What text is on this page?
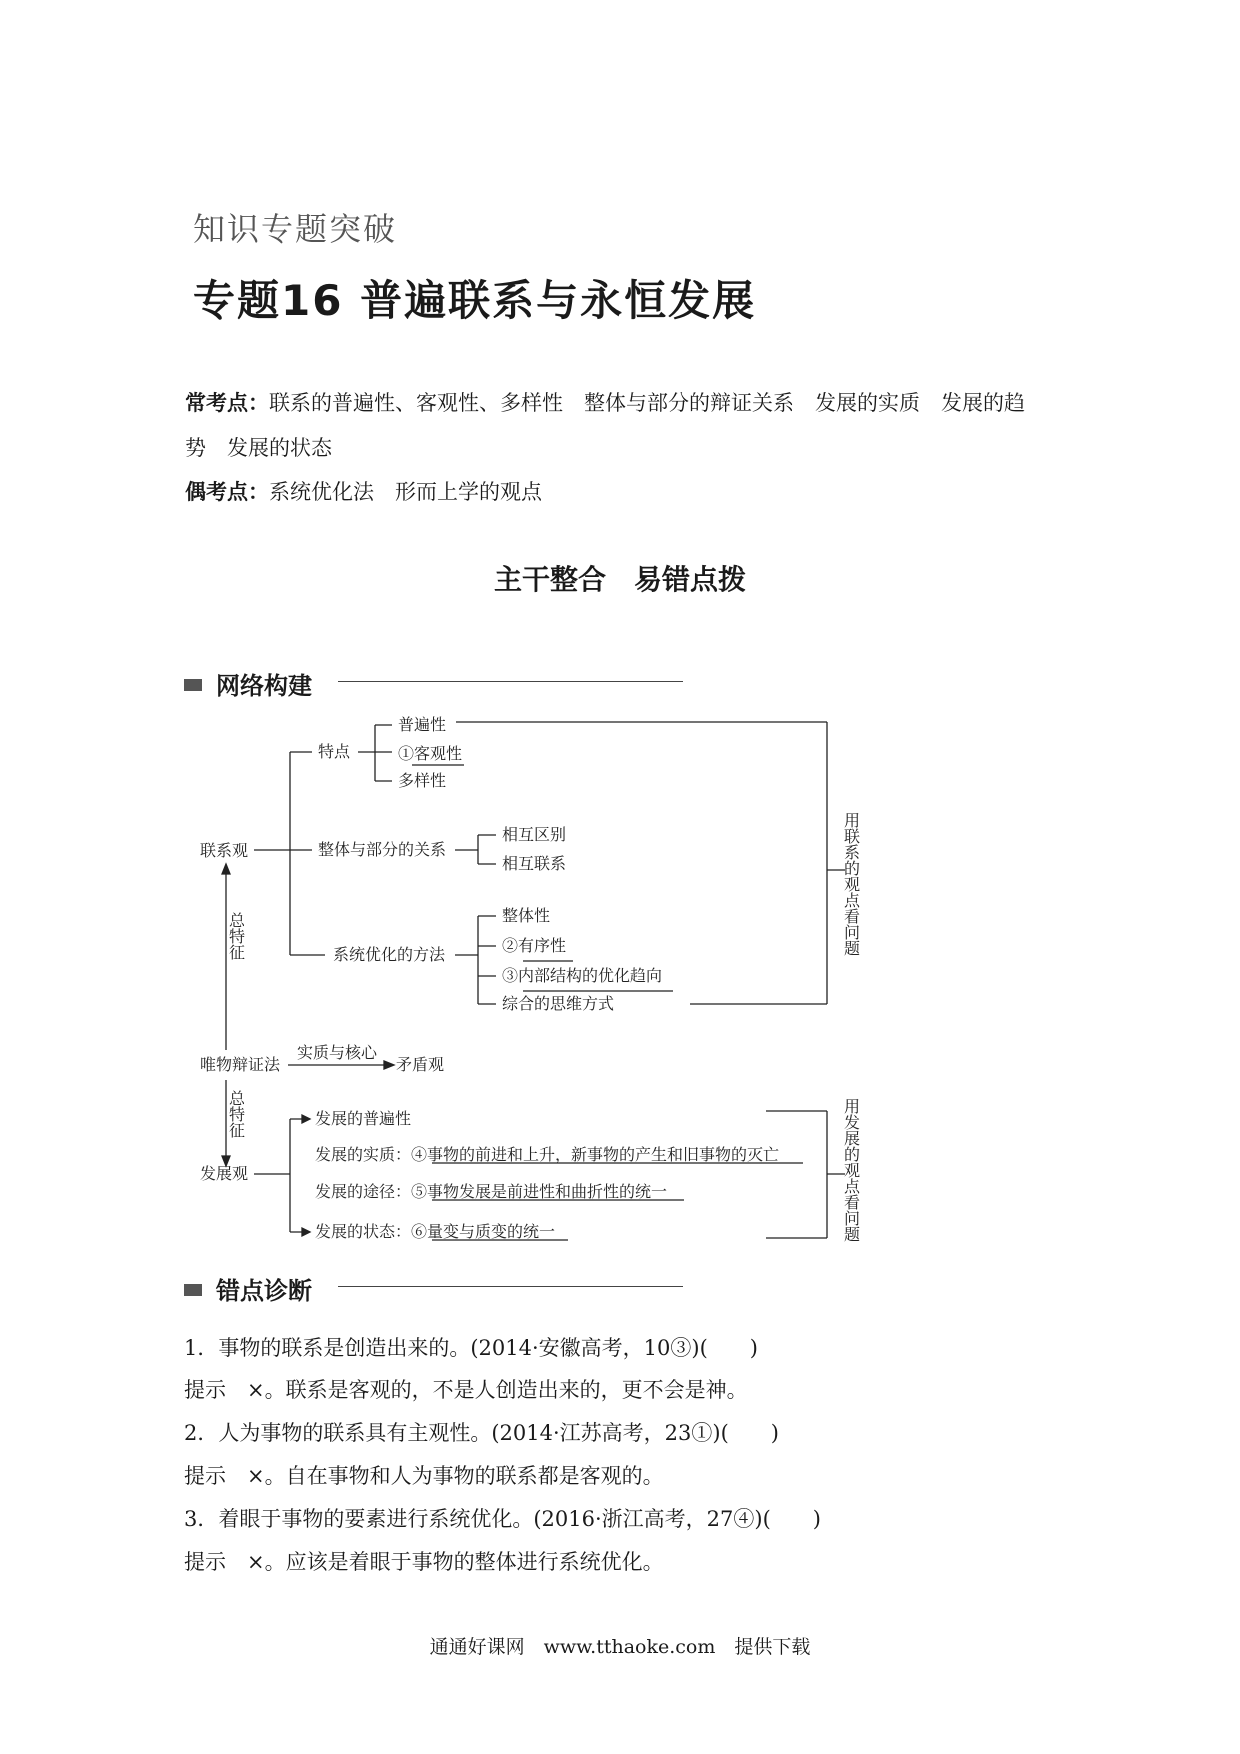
知识专题突破
专题16 普遍联系与永恒发展
常考点：联系的普遍性、客观性、多样性　整体与部分的辩证关系　发展的实质　发展的趋
势　发展的状态
偶考点：系统优化法　形而上学的观点
主干整合　易错点拨
网络构建
联系观
特点
普遍性
①客观性
多样性
整体与部分的关系
相互区别
相互联系
系统优化的方法
整体性
②有序性
③内部结构的优化趋向
综合的思维方式
用联系的观点看问题
总特征
唯物辩证法
实质与核心
矛盾观
总特征
发展观
发展的普遍性
发展的实质：④事物的前进和上升，新事物的产生和旧事物的灭亡
发展的途径：⑤事物发展是前进性和曲折性的统一
发展的状态：⑥量变与质变的统一	用发展的观点看问题
错点诊断
1．事物的联系是创造出来的。(2014·安徽高考，10③)(　　)
提示　×。联系是客观的，不是人创造出来的，更不会是神。
2．人为事物的联系具有主观性。(2014·江苏高考，23①)(　　)
提示　×。自在事物和人为事物的联系都是客观的。
3．着眼于事物的要素进行系统优化。(2016·浙江高考，27④)(　　)
提示　×。应该是着眼于事物的整体进行系统优化。
通通好课网　www.tthaoke.com　提供下载
